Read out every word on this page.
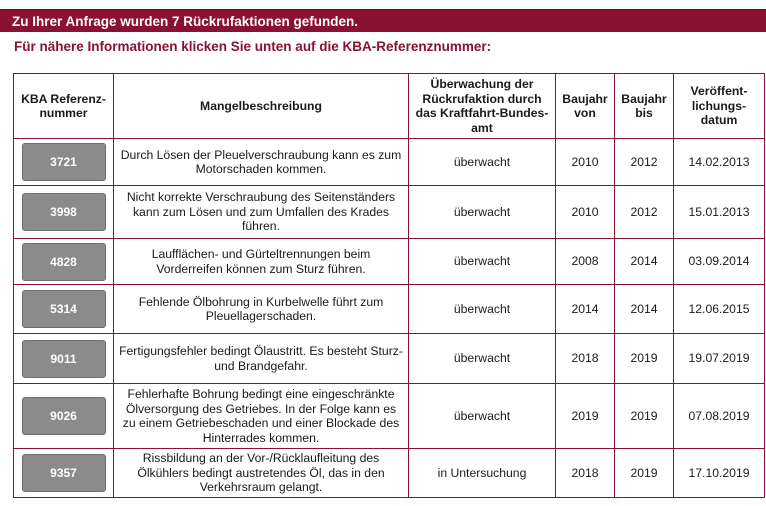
Zu Ihrer Anfrage wurden 7 Rückrufaktionen gefunden.
Für nähere Informationen klicken Sie unten auf die KBA-Referenznummer:
KBA Referenz-
nummer	Mangelbeschreibung	Überwachung der
Rückrufaktion durch
das Kraftfahrt-Bundes-
amt	Baujahr
von	Baujahr
bis	Veröffent-
lichungs-
datum

3721	Durch Lösen der Pleuelverschraubung kann es zum Motorschaden kommen.	überwacht	2010	2012	14.02.2013

3998	Nicht korrekte Verschraubung des Seitenständers kann zum Lösen und zum Umfallen des Krades führen.	überwacht	2010	2012	15.01.2013

4828	Laufflächen- und Gürteltrennungen beim Vorderreifen können zum Sturz führen.	überwacht	2008	2014	03.09.2014

5314	Fehlende Ölbohrung in Kurbelwelle führt zum Pleuellagerschaden.	überwacht	2014	2014	12.06.2015

9011	Fertigungsfehler bedingt Ölaustritt. Es besteht Sturz- und Brandgefahr.	überwacht	2018	2019	19.07.2019

9026	Fehlerhafte Bohrung bedingt eine eingeschränkte Ölversorgung des Getriebes. In der Folge kann es zu einem Getriebeschaden und einer Blockade des Hinterrades kommen.	überwacht	2019	2019	07.08.2019

9357	Rissbildung an der Vor-/Rücklaufleitung des Ölkühlers bedingt austretendes Öl, das in den Verkehrsraum gelangt.	in Untersuchung	2018	2019	17.10.2019
